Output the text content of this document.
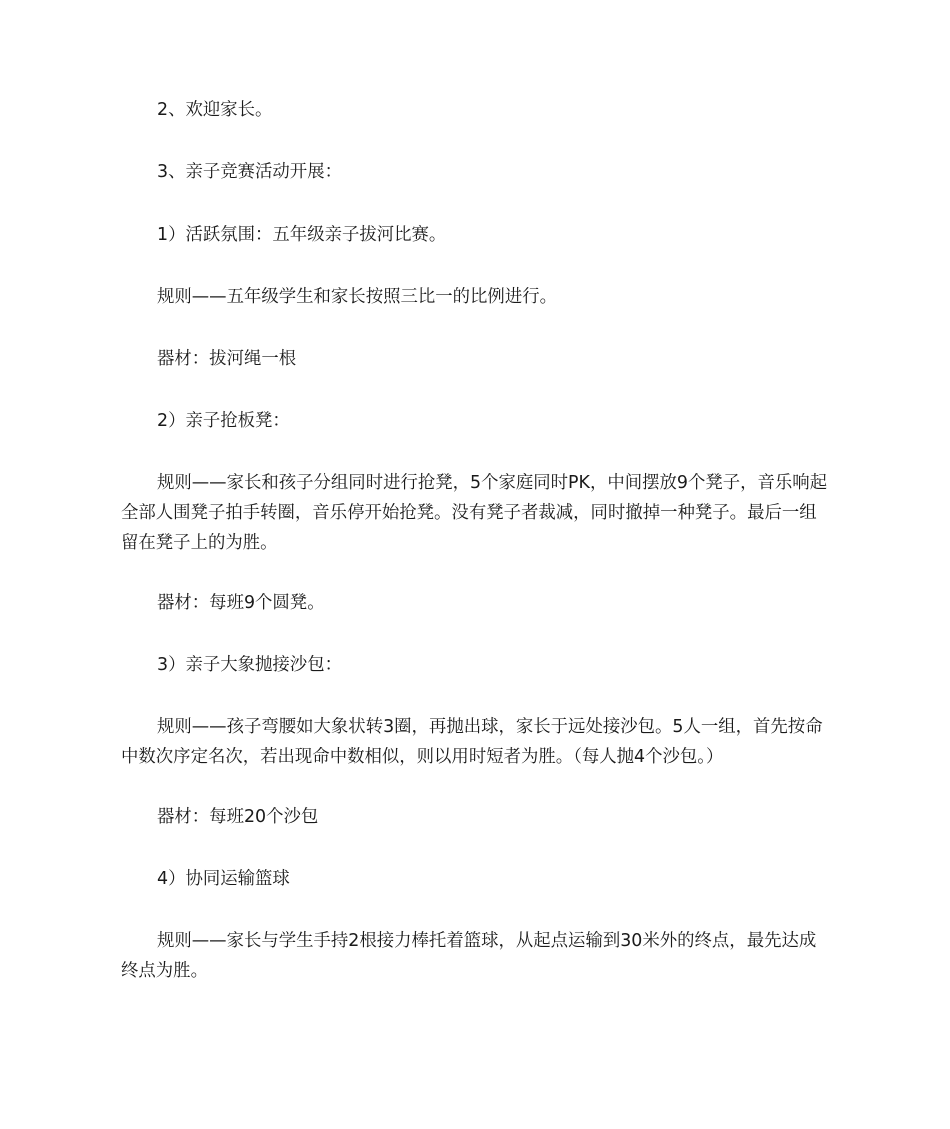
2、欢迎家长。

3、亲子竞赛活动开展：

1）活跃氛围：五年级亲子拔河比赛。

规则——五年级学生和家长按照三比一的比例进行。

器材：拔河绳一根

2）亲子抢板凳：

规则——家长和孩子分组同时进行抢凳，5个家庭同时PK，中间摆放9个凳子，音乐响起全部人围凳子拍手转圈，音乐停开始抢凳。没有凳子者裁减，同时撤掉一种凳子。最后一组留在凳子上的为胜。

器材：每班9个圆凳。

3）亲子大象抛接沙包：

规则——孩子弯腰如大象状转3圈，再抛出球，家长于远处接沙包。5人一组，首先按命中数次序定名次，若出现命中数相似，则以用时短者为胜。（每人抛4个沙包。）

器材：每班20个沙包

4）协同运输篮球

规则——家长与学生手持2根接力棒托着篮球，从起点运输到30米外的终点，最先达成终点为胜。
